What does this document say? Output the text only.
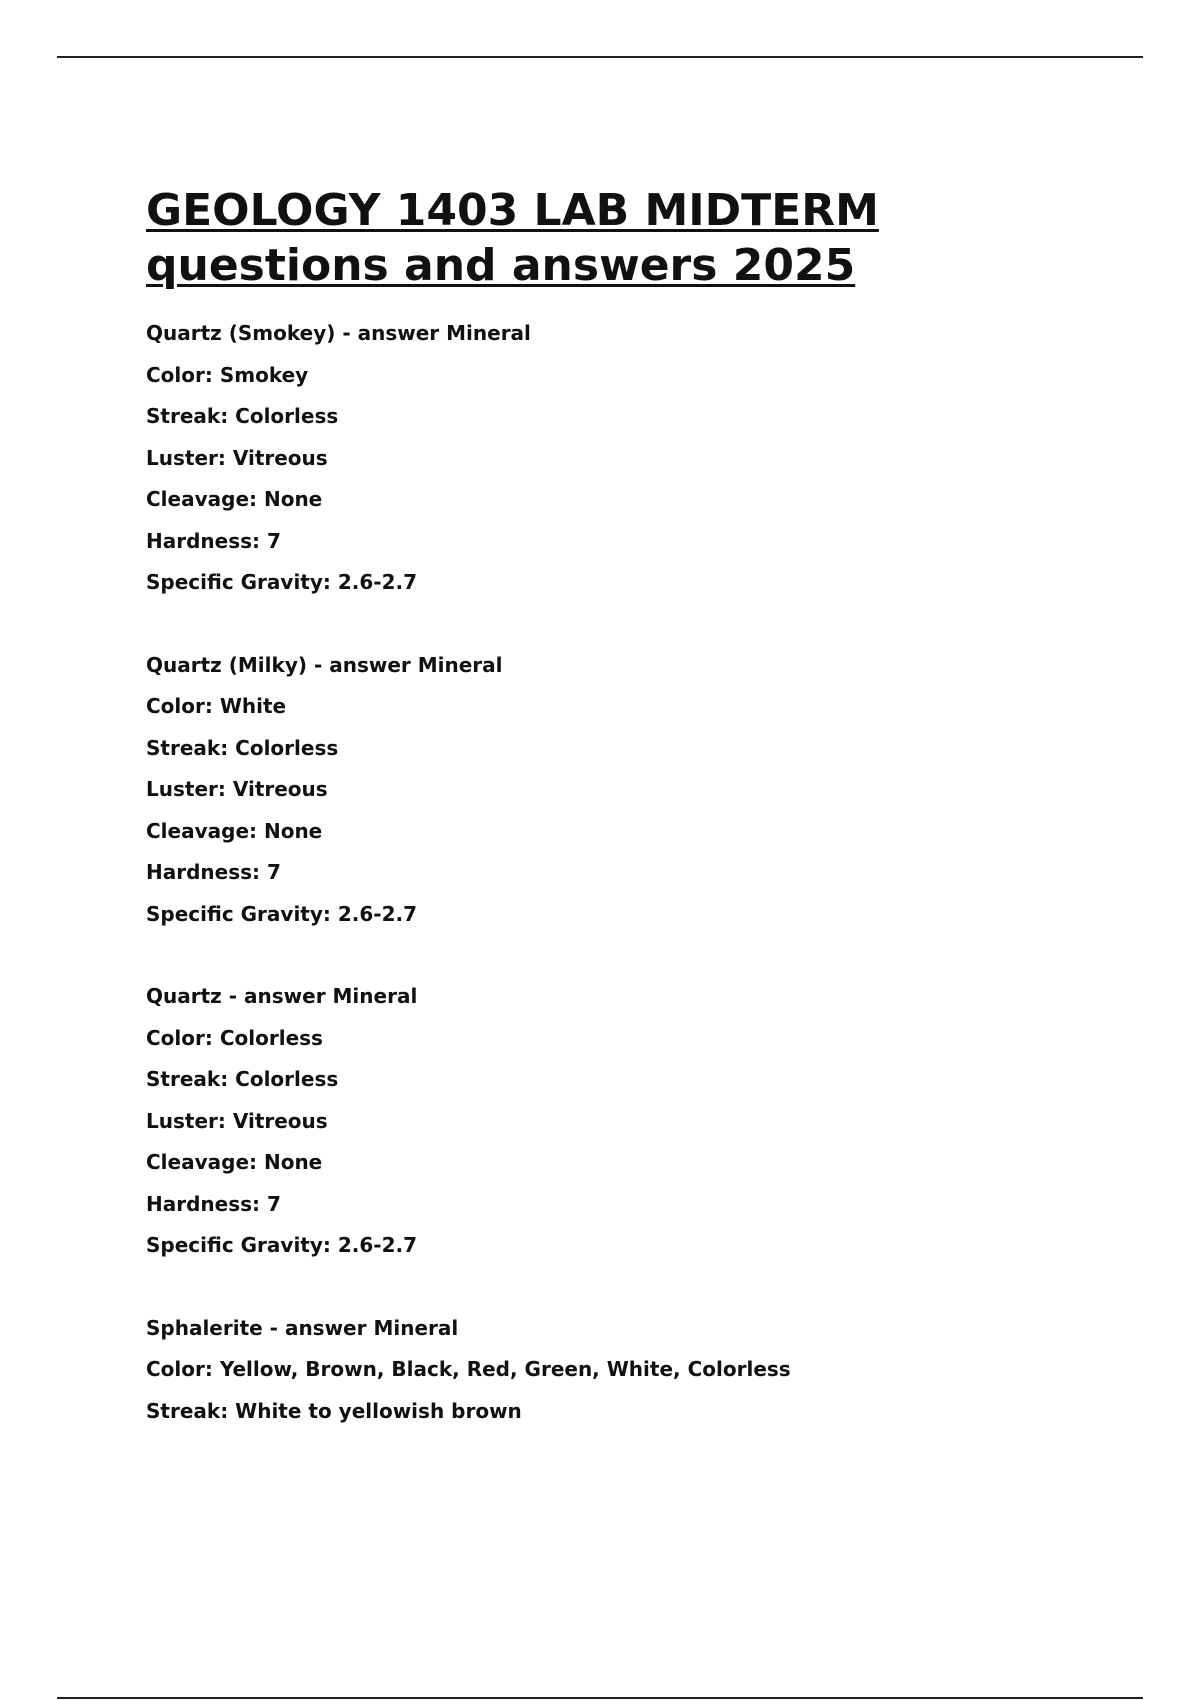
GEOLOGY 1403 LAB MIDTERM
questions and answers 2025
Quartz (Smokey) - answer Mineral
Color: Smokey
Streak: Colorless
Luster: Vitreous
Cleavage: None
Hardness: 7
Specific Gravity: 2.6-2.7
Quartz (Milky) - answer Mineral
Color: White
Streak: Colorless
Luster: Vitreous
Cleavage: None
Hardness: 7
Specific Gravity: 2.6-2.7
Quartz - answer Mineral
Color: Colorless
Streak: Colorless
Luster: Vitreous
Cleavage: None
Hardness: 7
Specific Gravity: 2.6-2.7
Sphalerite - answer Mineral
Color: Yellow, Brown, Black, Red, Green, White, Colorless
Streak: White to yellowish brown
